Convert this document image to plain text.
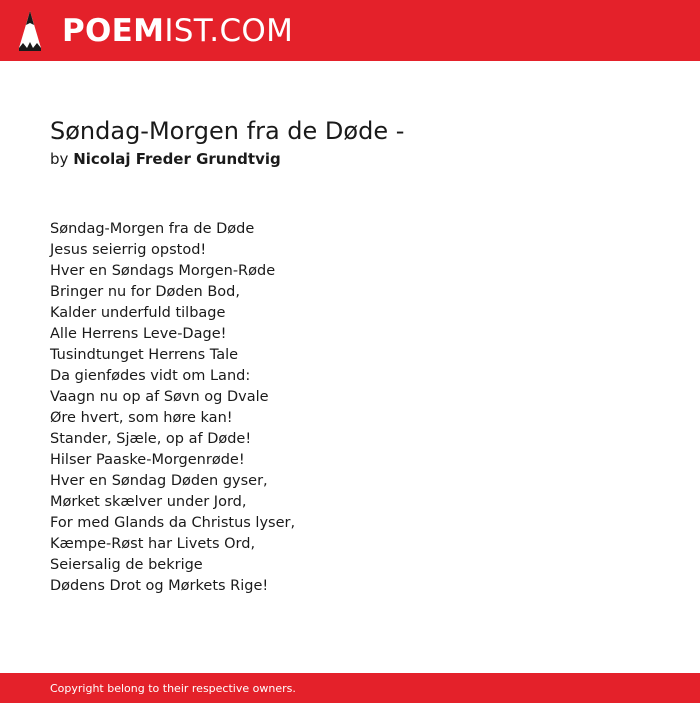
POEMIST.COM
Søndag-Morgen fra de Døde -
by Nicolaj Freder Grundtvig
Søndag-Morgen fra de Døde
Jesus seierrig opstod!
Hver en Søndags Morgen-Røde
Bringer nu for Døden Bod,
Kalder underfuld tilbage
Alle Herrens Leve-Dage!
Tusindtunget Herrens Tale
Da gienfødes vidt om Land:
Vaagn nu op af Søvn og Dvale
Øre hvert, som høre kan!
Stander, Sjæle, op af Døde!
Hilser Paaske-Morgenrøde!
Hver en Søndag Døden gyser,
Mørket skælver under Jord,
For med Glands da Christus lyser,
Kæmpe-Røst har Livets Ord,
Seiersalig de bekrige
Dødens Drot og Mørkets Rige!
Copyright belong to their respective owners.
